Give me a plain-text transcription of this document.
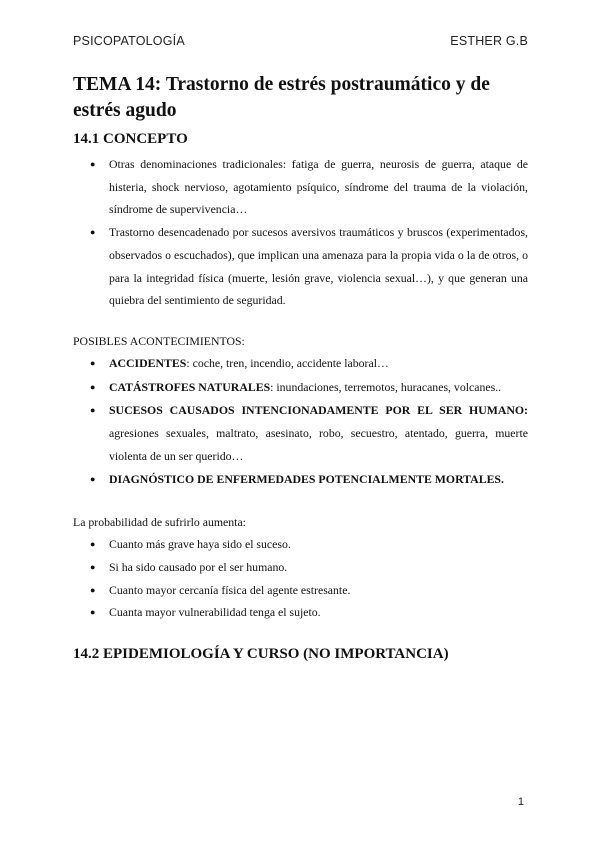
PSICOPATOLOGÍA	ESTHER G.B
TEMA 14: Trastorno de estrés postraumático y de estrés agudo
14.1 CONCEPTO
● Otras denominaciones tradicionales: fatiga de guerra, neurosis de guerra, ataque de histeria, shock nervioso, agotamiento psíquico, síndrome del trauma de la violación, síndrome de supervivencia…
● Trastorno desencadenado por sucesos aversivos traumáticos y bruscos (experimentados, observados o escuchados), que implican una amenaza para la propia vida o la de otros, o para la integridad física (muerte, lesión grave, violencia sexual…), y que generan una quiebra del sentimiento de seguridad.

POSIBLES ACONTECIMIENTOS:

● ACCIDENTES: coche, tren, incendio, accidente laboral…
● CATÁSTROFES NATURALES: inundaciones, terremotos, huracanes, volcanes..
● SUCESOS CAUSADOS INTENCIONADAMENTE POR EL SER HUMANO: agresiones sexuales, maltrato, asesinato, robo, secuestro, atentado, guerra, muerte violenta de un ser querido…
● DIAGNÓSTICO DE ENFERMEDADES POTENCIALMENTE MORTALES.

La probabilidad de sufrirlo aumenta:

● Cuanto más grave haya sido el suceso.
● Si ha sido causado por el ser humano.
● Cuanto mayor cercanía física del agente estresante.
● Cuanta mayor vulnerabilidad tenga el sujeto.
14.2 EPIDEMIOLOGÍA Y CURSO (NO IMPORTANCIA)
1
